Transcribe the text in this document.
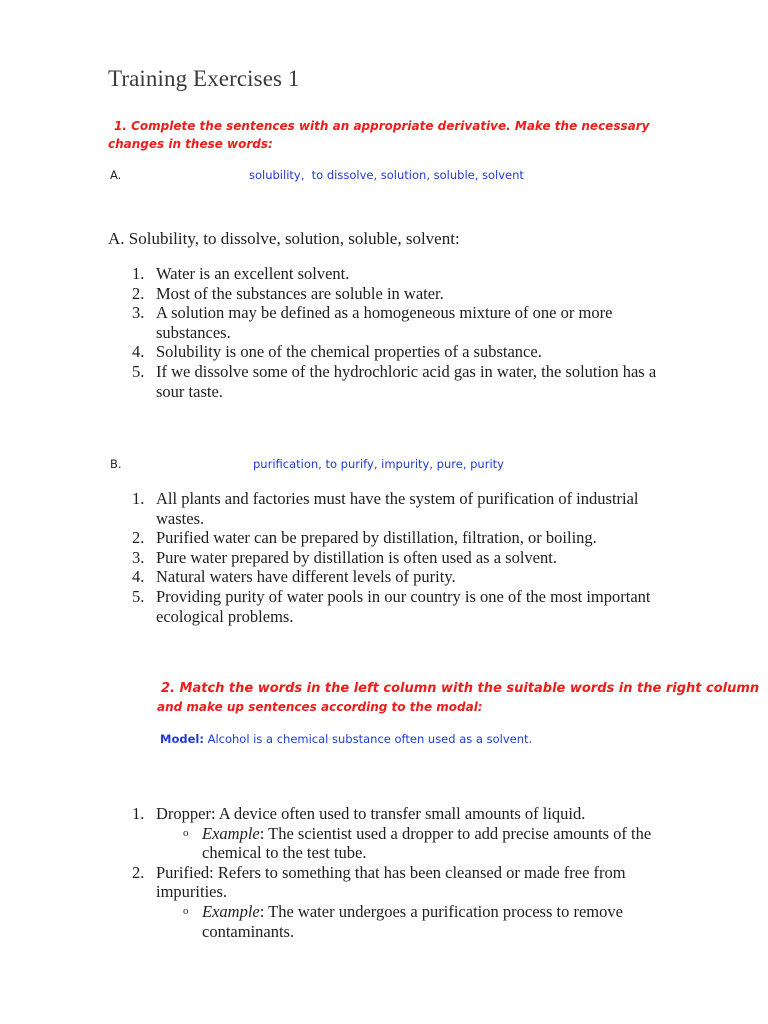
Training Exercises 1
1. Complete the sentences with an appropriate derivative. Make the necessary changes in these words:
A.	solubility,  to dissolve, solution, soluble, solvent
A. Solubility, to dissolve, solution, soluble, solvent:
1. Water is an excellent solvent.
2. Most of the substances are soluble in water.
3. A solution may be defined as a homogeneous mixture of one or more
substances.
4. Solubility is one of the chemical properties of a substance.
5. If we dissolve some of the hydrochloric acid gas in water, the solution has a
sour taste.
B.	purification, to purify, impurity, pure, purity
1. All plants and factories must have the system of purification of industrial
wastes.
2. Purified water can be prepared by distillation, filtration, or boiling.
3. Pure water prepared by distillation is often used as a solvent.
4. Natural waters have different levels of purity.
5. Providing purity of water pools in our country is one of the most important
ecological problems.
2. Match the words in the left column with the suitable words in the right column
and make up sentences according to the modal:
Model: Alcohol is a chemical substance often used as a solvent.
1. Dropper: A device often used to transfer small amounts of liquid.
o Example: The scientist used a dropper to add precise amounts of the
chemical to the test tube.
2. Purified: Refers to something that has been cleansed or made free from
impurities.
o Example: The water undergoes a purification process to remove
contaminants.
